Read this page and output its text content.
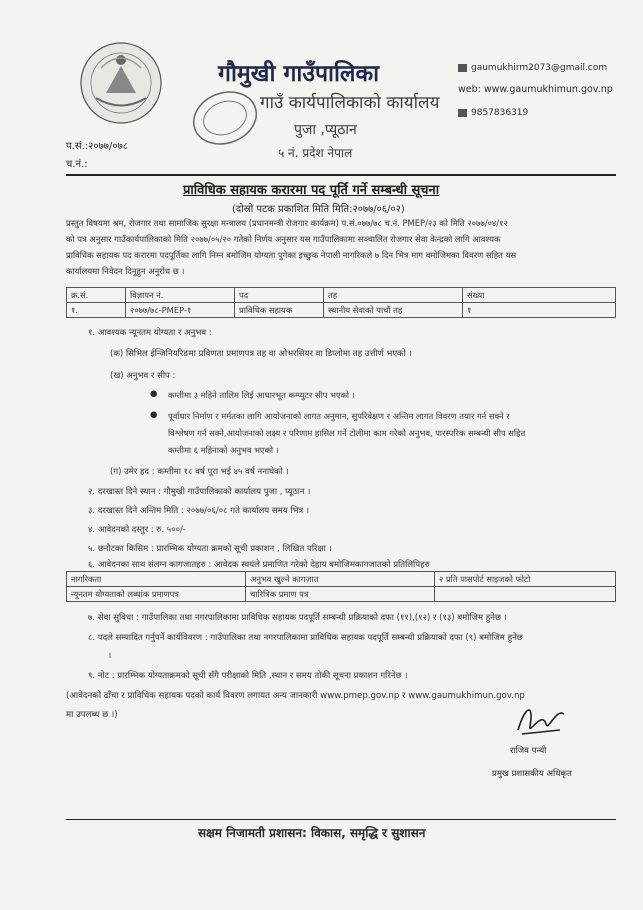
गौमुखी गाउँपालिका
गाउँ कार्यपालिकाको कार्यालय
पुजा ,प्यूठान
५ नं. प्रदेश नेपाल
gaumukhirm2073@gmail.com
web: www.gaumukhimun.gov.np
9857836319
प.सं.:२०७७/०७८
च.नं.:
प्राविधिक सहायक करारमा पद पूर्ति गर्ने सम्बन्धी सूचना
(दोस्रो पटक प्रकाशित मिति मिति:२०७७/०६/०२)
प्रस्तुत विषयमा श्रम, रोजगार तथा सामाजिक सुरक्षा मन्त्रालय (प्रधानमन्त्री रोजगार कार्यक्रम) प.सं.०७७/७८ च.नं. PMEP/२३ को मिति २०७७/०४/१२
को पत्र अनुसार गाउँकार्यपालिकाको मिति २०७७/०५/२० गतेको निर्णय अनुसार यस गाउँपालिकामा सञ्चालित रोजगार सेवा केन्द्रको लागि आवश्यक
प्राविधिक सहायक पद करारमा पदपूर्तिका लागि निम्न बमोजिम योग्यता पुगेका इच्छुक नेपाली नागरिकले ७ दिन भित्र माग बमोजिमका विवरण सहित यस
कार्यालयमा निवेदन दिनुहुन अनुरोध छ ।
क्र.सं.	विज्ञापन नं.	पद	तह	संख्या
१.	२०७७/७८-PMEP-१	प्राविधिक सहायक	स्थानीय सेवाको पाचौं तह	१
१. आवश्यक न्यूनतम योग्यता र अनुभव :
(क) सिभिल ईन्जिनियरिङमा प्रविणता प्रमाणपत्र तह वा ओभरसियर वा डिप्लोमा तह उत्तीर्ण भएको ।
(ख) अनुभव र सीप :
● कम्तीमा ३ महिने तालिम लिई आधारभूत कम्प्युटर सीप भएको ।
● पूर्वाधार निर्माण र मर्मतका लागि आयोजनाको लागत अनुमान, सुपरिवेक्षण र अन्तिम लागत विवरण तयार गर्न सक्ने र
विश्लेषण गर्न सक्ने,आयोजनाको लक्ष्य र परिणाम हासिल गर्ने टोलीमा काम गरेको अनुभव, पारस्परिक सम्बन्धी सीप सहित
कम्तीमा ६ महिनाको अनुभव भएको ।
(ग) उमेर हद : कम्तीमा १८ वर्ष पूरा भई ४५ वर्ष ननाघेको ।
२. दरखास्त दिने स्थान : गौमुखी गाउँपालिकाको कार्यालय पुजा , प्यूठान ।
३. दरखास्त दिने अन्तिम मिति : २०७७/०६/०८ गते कार्यालय समय भित्र ।
४. आवेदनको दस्तुर : रु. ५००/-
५. छनौटका किसिम : प्रारम्भिक योग्यता क्रमको सूची प्रकाशन , लिखित परिक्षा ।
६. आवेदनका साथ संलग्न कागजातहरु : आवेदक स्वयंले प्रमाणित गरेको देहाय बमोजिमकागजातको प्रतिलिपिहरु
नागरिकता	अनुभव खुल्ने कागजात	२ प्रति पासपोर्ट साइजको फोटो
न्यूनतम योग्यताको लब्धांक प्रमाणपत्र	चारित्रिक प्रमाण पत्र	
७. सेवा सुविधा : गाउँपालिका तथा नगरपालिकामा प्राविधिक सहायक पदपूर्ति सम्बन्धी प्रक्रियाको दफा (११),(१२) र (१३) बमोजिम हुनेछ ।
८. पदले सम्पादित गर्नुपर्ने कार्यविवरण : गाउँपालिका तथा नगरपालिकामा प्राविधिक सहायक पदपूर्ति सम्बन्धी प्रक्रियाको दफा (९) बमोजिम हुनेछ
।
९. नोट : प्रारम्भिक योग्यताक्रमको सूची सँगै परीक्षाको मिति ,स्थान र समय तोकी सूचना प्रकाशन गरिनेछ ।
(आवेदनको ढाँचा र प्राविधिक सहायक पदको कार्य विवरण लगायत अन्य जानकारी www.pmep.gov.np र www.gaumukhimun.gov.np
मा उपलब्ध छ ।)
राजिव पन्थी
प्रमुख प्रशासकीय अधिकृत
सक्षम निजामती प्रशासन: विकास, समृद्धि र सुशासन
